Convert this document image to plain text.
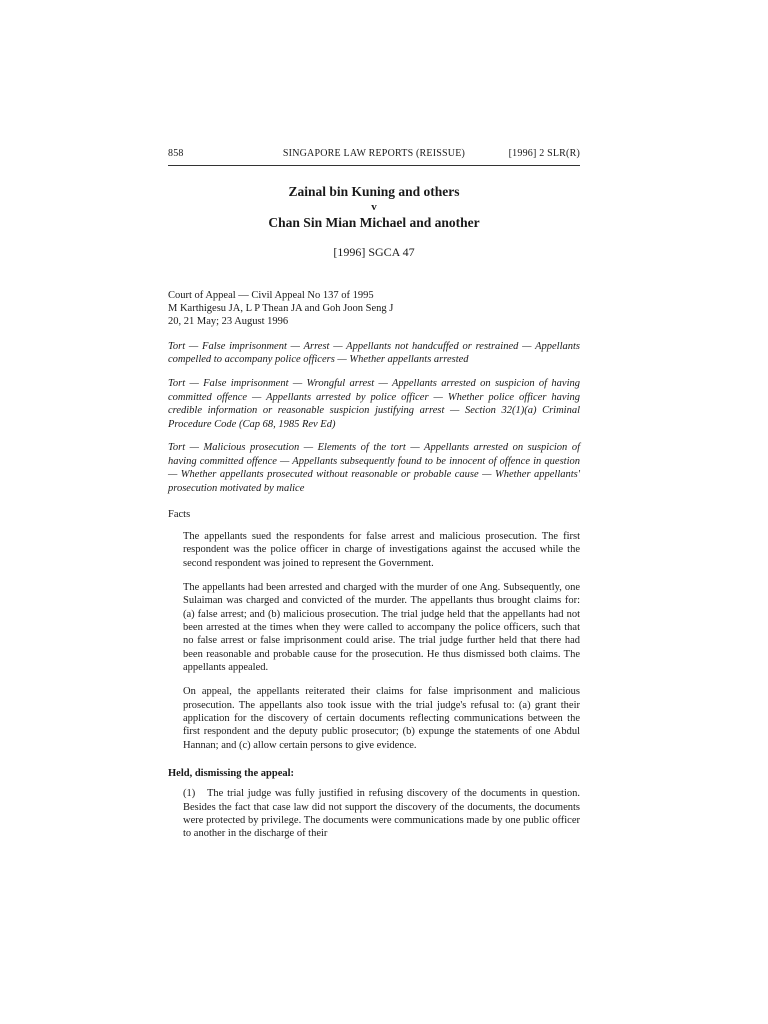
858	SINGAPORE LAW REPORTS (REISSUE)	[1996] 2 SLR(R)
Zainal bin Kuning and others
v
Chan Sin Mian Michael and another
[1996] SGCA 47
Court of Appeal — Civil Appeal No 137 of 1995
M Karthigesu JA, L P Thean JA and Goh Joon Seng J
20, 21 May; 23 August 1996

Tort — False imprisonment — Arrest — Appellants not handcuffed or restrained — Appellants compelled to accompany police officers — Whether appellants arrested

Tort — False imprisonment — Wrongful arrest — Appellants arrested on suspicion of having committed offence — Appellants arrested by police officer — Whether police officer having credible information or reasonable suspicion justifying arrest — Section 32(1)(a) Criminal Procedure Code (Cap 68, 1985 Rev Ed)

Tort — Malicious prosecution — Elements of the tort — Appellants arrested on suspicion of having committed offence — Appellants subsequently found to be innocent of offence in question — Whether appellants prosecuted without reasonable or probable cause — Whether appellants' prosecution motivated by malice

Facts

The appellants sued the respondents for false arrest and malicious prosecution. The first respondent was the police officer in charge of investigations against the accused while the second respondent was joined to represent the Government.

The appellants had been arrested and charged with the murder of one Ang. Subsequently, one Sulaiman was charged and convicted of the murder. The appellants thus brought claims for: (a) false arrest; and (b) malicious prosecution. The trial judge held that the appellants had not been arrested at the times when they were called to accompany the police officers, such that no false arrest or false imprisonment could arise. The trial judge further held that there had been reasonable and probable cause for the prosecution. He thus dismissed both claims. The appellants appealed.

On appeal, the appellants reiterated their claims for false imprisonment and malicious prosecution. The appellants also took issue with the trial judge's refusal to: (a) grant their application for the discovery of certain documents reflecting communications between the first respondent and the deputy public prosecutor; (b) expunge the statements of one Abdul Hannan; and (c) allow certain persons to give evidence.

Held, dismissing the appeal:

(1) The trial judge was fully justified in refusing discovery of the documents in question. Besides the fact that case law did not support the discovery of the documents, the documents were protected by privilege. The documents were communications made by one public officer to another in the discharge of their
